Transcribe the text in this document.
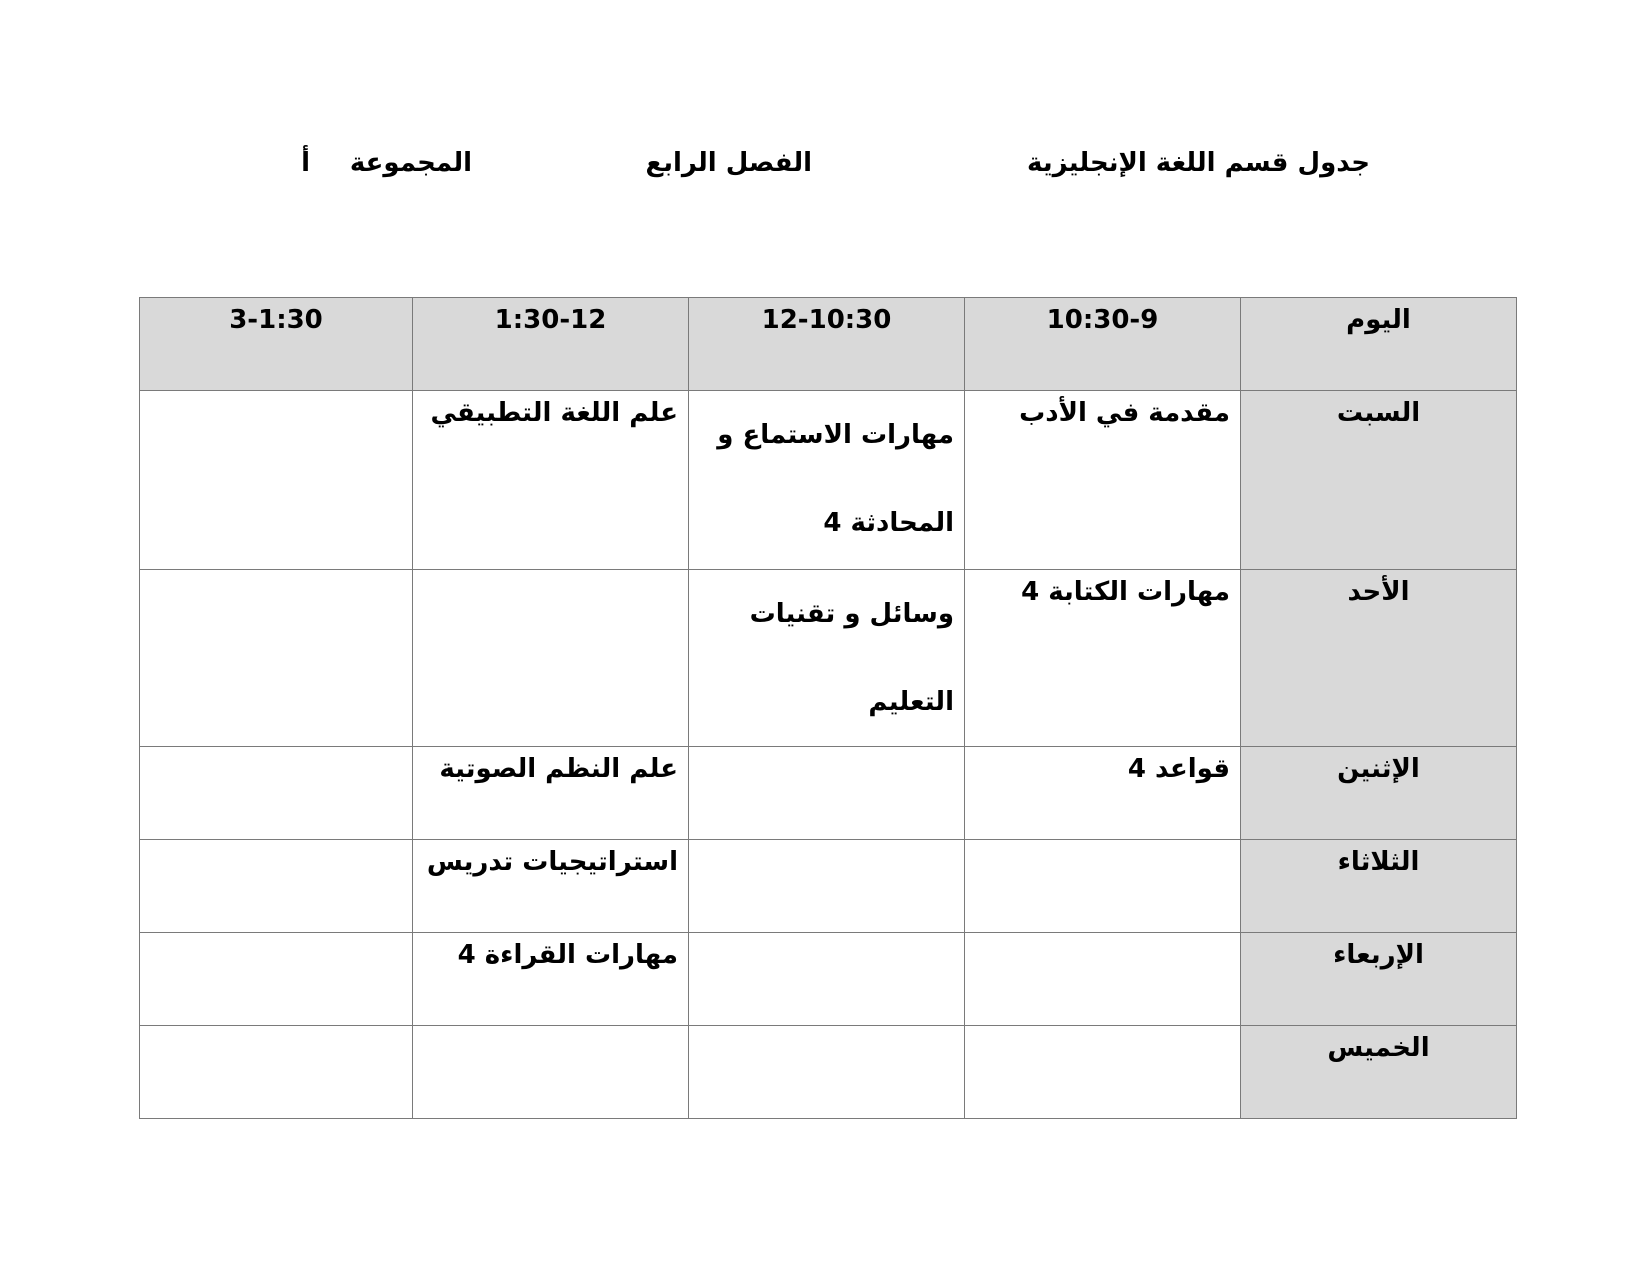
جدول قسم اللغة الإنجليزية
الفصل الرابع
المجموعة
أ
اليوم	10:30-9	12-10:30	1:30-12	3-1:30
السبت	مقدمة في الأدب	مهارات الاستماع و المحادثة 4	علم اللغة التطبيقي	
الأحد	مهارات الكتابة 4	وسائل و تقنيات التعليم		
الإثنين	قواعد 4		علم النظم الصوتية	
الثلاثاء			استراتيجيات تدريس	
الإربعاء			مهارات القراءة 4	
الخميس				
